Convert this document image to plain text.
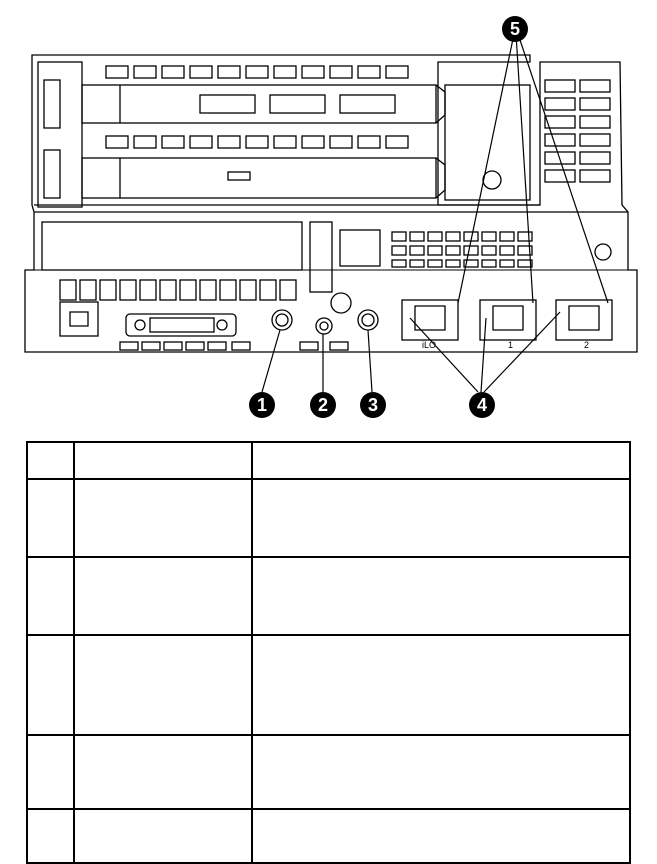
iLO	1	2
1	2 3	4
5
